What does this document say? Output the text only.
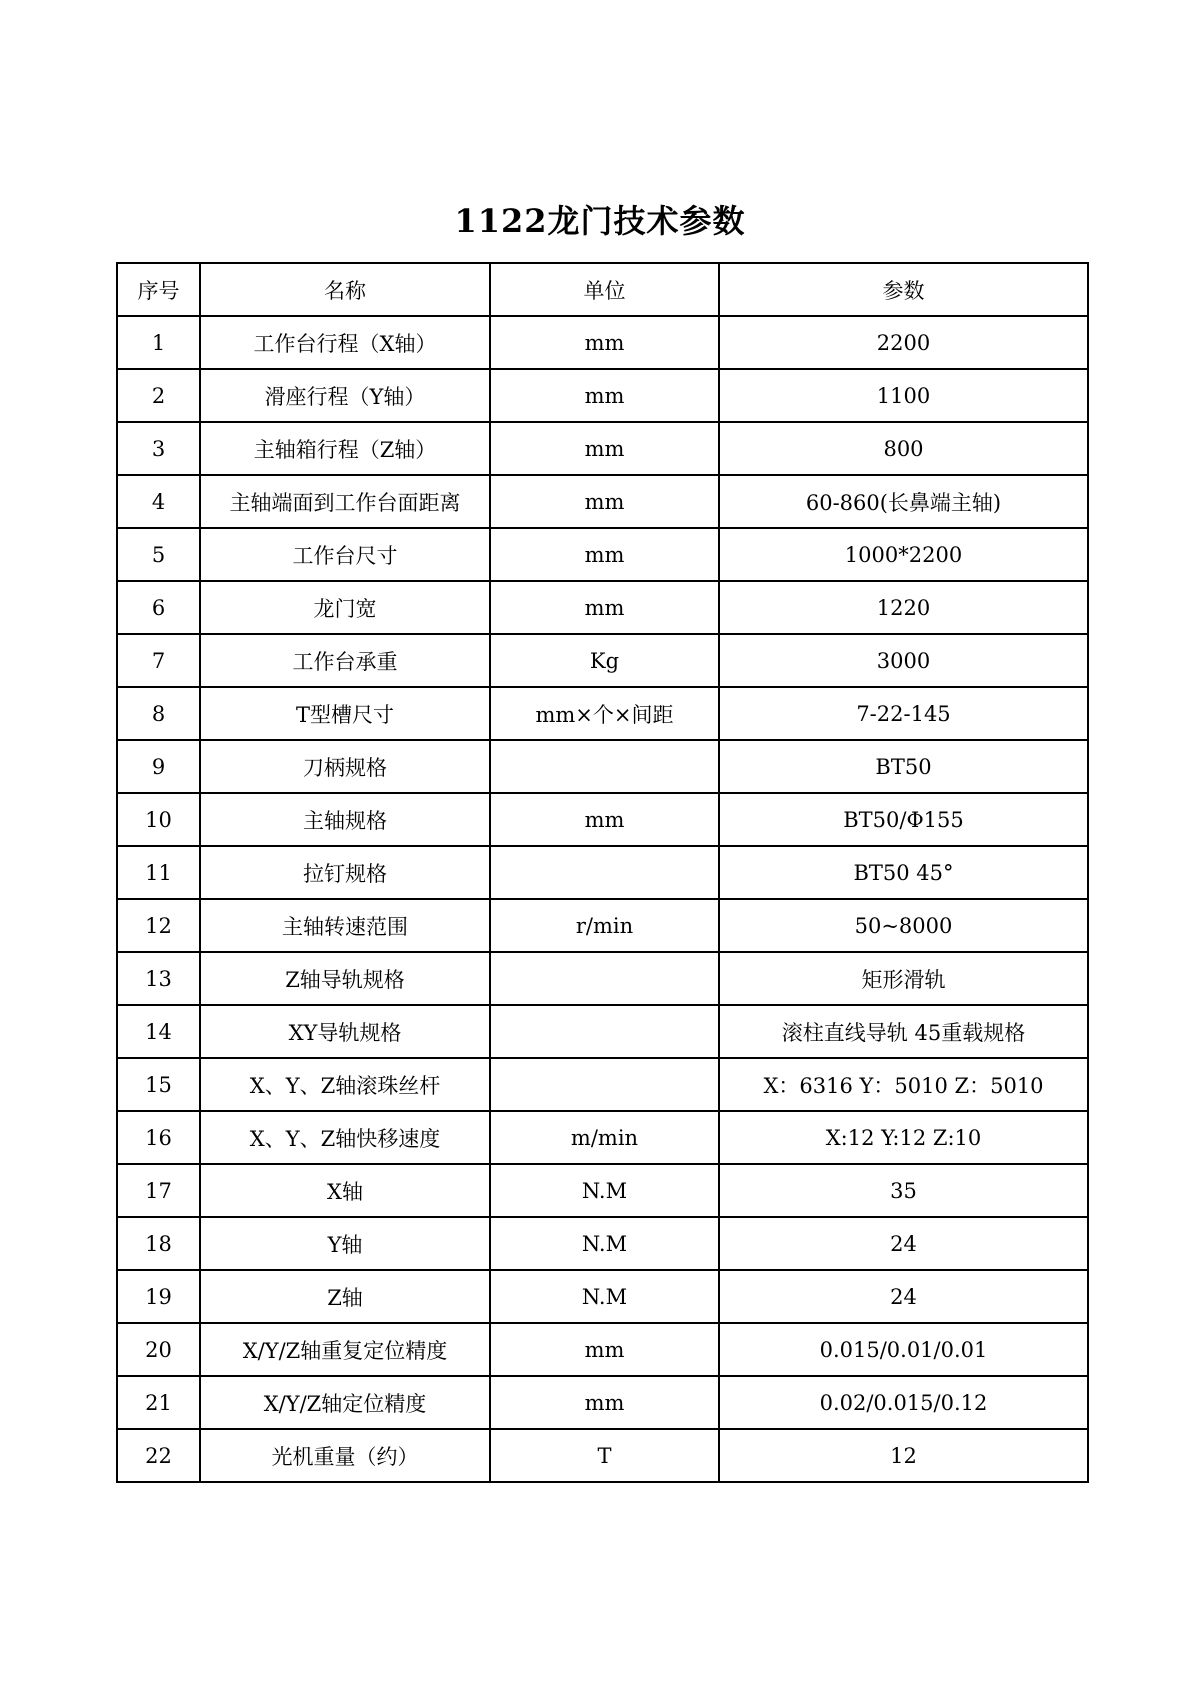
1122龙门技术参数
序号	名称	单位	参数
1	工作台行程（X轴）	mm	2200
2	滑座行程（Y轴）	mm	1100
3	主轴箱行程（Z轴）	mm	800
4	主轴端面到工作台面距离	mm	60-860(长鼻端主轴)
5	工作台尺寸	mm	1000*2200
6	龙门宽	mm	1220
7	工作台承重	Kg	3000
8	T型槽尺寸	mm×个×间距	7-22-145
9	刀柄规格		BT50
10	主轴规格	mm	BT50/Φ155
11	拉钉规格		BT50 45°
12	主轴转速范围	r/min	50~8000
13	Z轴导轨规格		矩形滑轨
14	XY导轨规格		滚柱直线导轨 45重载规格
15	X、Y、Z轴滚珠丝杆		X：6316 Y：5010 Z：5010
16	X、Y、Z轴快移速度	m/min	X:12 Y:12 Z:10
17	X轴	N.M	35
18	Y轴	N.M	24
19	Z轴	N.M	24
20	X/Y/Z轴重复定位精度	mm	0.015/0.01/0.01
21	X/Y/Z轴定位精度	mm	0.02/0.015/0.12
22	光机重量（约）	T	12
